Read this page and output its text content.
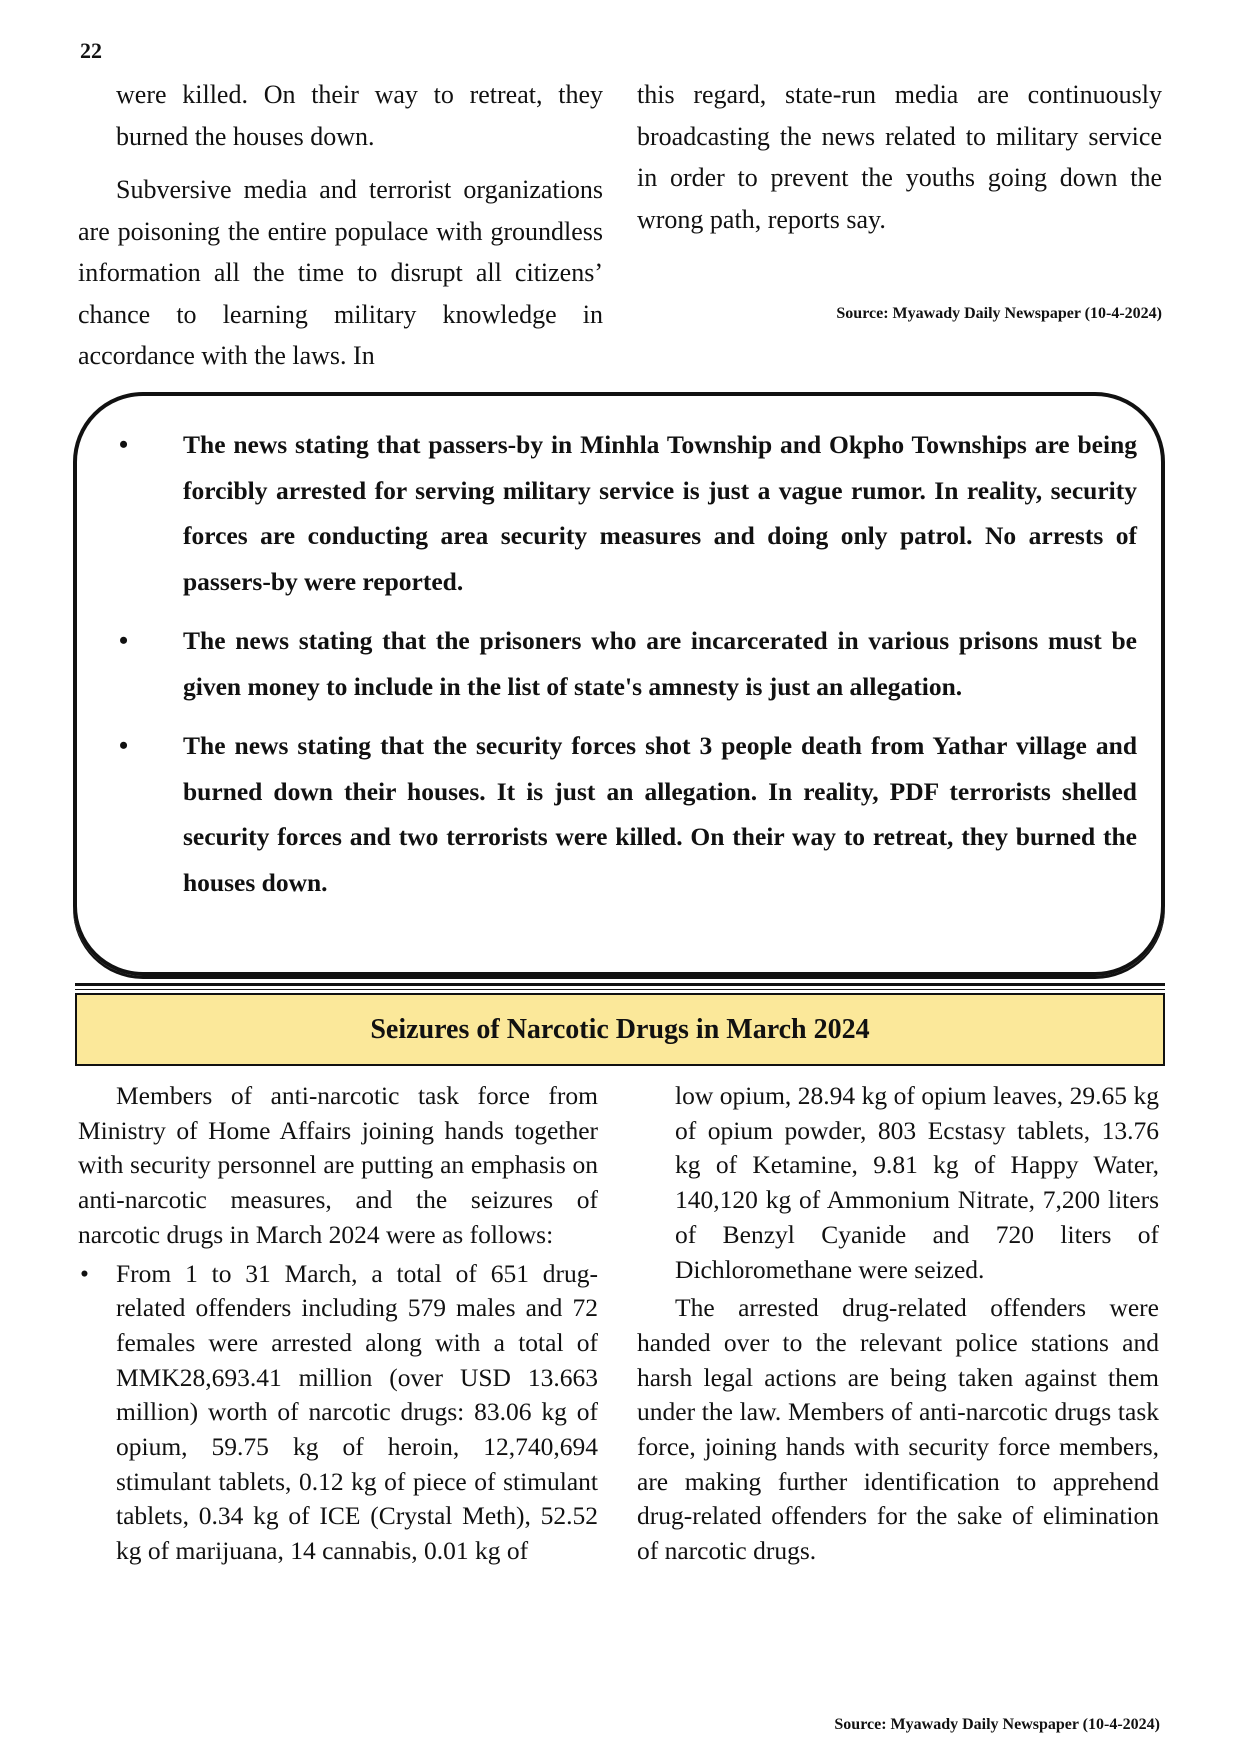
22

were killed. On their way to retreat, they burned the houses down.

Subversive media and terrorist organizations are poisoning the entire populace with groundless information all the time to disrupt all citizens’ chance to learning military knowledge in accordance with the laws. In

this regard, state-run media are continuously broadcasting the news related to military service in order to prevent the youths going down the wrong path, reports say.

Source: Myawady Daily Newspaper (10-4-2024)
• The news stating that passers-by in Minhla Township and Okpho Townships are being forcibly arrested for serving military service is just a vague rumor. In reality, security forces are conducting area security measures and doing only patrol. No arrests of passers-by were reported.
• The news stating that the prisoners who are incarcerated in various prisons must be given money to include in the list of state's amnesty is just an allegation.
• The news stating that the security forces shot 3 people death from Yathar village and burned down their houses. It is just an allegation. In reality, PDF terrorists shelled security forces and two terrorists were killed. On their way to retreat, they burned the houses down.
Seizures of Narcotic Drugs in March 2024

Members of anti-narcotic task force from Ministry of Home Affairs joining hands together with security personnel are putting an emphasis on anti-narcotic measures, and the seizures of narcotic drugs in March 2024 were as follows:

• From 1 to 31 March, a total of 651 drug-related offenders including 579 males and 72 females were arrested along with a total of MMK28,693.41 million (over USD 13.663 million) worth of narcotic drugs: 83.06 kg of opium, 59.75 kg of heroin, 12,740,694 stimulant tablets, 0.12 kg of piece of stimulant tablets, 0.34 kg of ICE (Crystal Meth), 52.52 kg of marijuana, 14 cannabis, 0.01 kg of

low opium, 28.94 kg of opium leaves, 29.65 kg of opium powder, 803 Ecstasy tablets, 13.76 kg of Ketamine, 9.81 kg of Happy Water, 140,120 kg of Ammonium Nitrate, 7,200 liters of Benzyl Cyanide and 720 liters of Dichloromethane were seized.

The arrested drug-related offenders were handed over to the relevant police stations and harsh legal actions are being taken against them under the law. Members of anti-narcotic drugs task force, joining hands with security force members, are making further identification to apprehend drug-related offenders for the sake of elimination of narcotic drugs.

Source: Myawady Daily Newspaper (10-4-2024)
